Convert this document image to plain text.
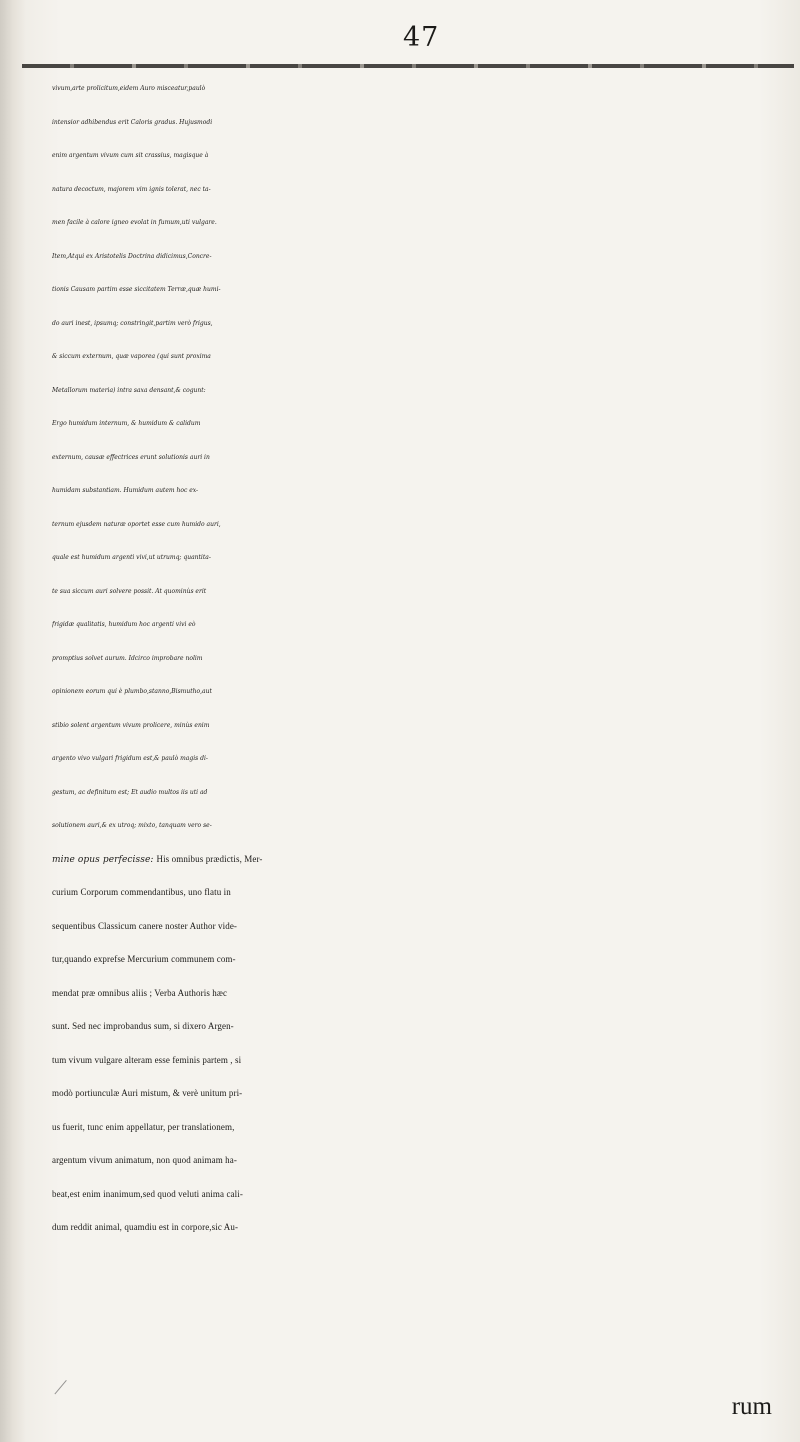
47
vivum,arte prolicitum,eidem Auro misceatur,paulò
intensior adhibendus erit Caloris gradus. Hujusmodi
enim argentum vivum cum sit crassius, magisque à
natura decoctum, majorem vim ignis tolerat, nec ta-
men facile à calore igneo evolat in fumum,uti vulgare.
Item,Atqui ex Aristotelis Doctrina didicimus,Concre-
tionis Causam partim esse siccitatem Terræ,quæ humi-
do auri inest, ipsumq; constringit,partim verò frigus,
& siccum externum, quæ vaporea (qui sunt proxima
Metallorum materia) intra saxa densant,& cogunt:
Ergo humidum internum, & humidum & calidum
externum, causæ effectrices erunt solutionis auri in
humidam substantiam. Humidum autem hoc ex-
ternum ejusdem naturæ oportet esse cum humido auri,
quale est humidum argenti vivi,ut utrumq; quantita-
te sua siccum auri solvere possit. At quominùs erit
frigidæ qualitatis, humidum hoc argenti vivi eò
promptius solvet aurum. Idcirco improbare nolim
opinionem eorum qui è plumbo,stanno,Bismutho,aut
stibio solent argentum vivum prolicere, minùs enim
argento vivo vulgari frigidum est,& paulò magis di-
gestum, ac definitum est; Et audio multos iis uti ad
solutionem auri,& ex utroq; mixto, tanquam vero se-
mine opus perfecisse: His omnibus prædictis, Mer-
curium Corporum commendantibus, uno flatu in
sequentibus Classicum canere noster Author vide-
tur,quando exprefse Mercurium communem com-
mendat præ omnibus aliis ; Verba Authoris hæc
sunt. Sed nec improbandus sum, si dixero Argen-
tum vivum vulgare alteram esse feminis partem , si
modò portiunculæ Auri mistum, & verè unitum pri-
us fuerit, tunc enim appellatur, per translationem,
argentum vivum animatum, non quod animam ha-
beat,est enim inanimum,sed quod veluti anima cali-
dum reddit animal, quamdiu est in corpore,sic Au-
rum
